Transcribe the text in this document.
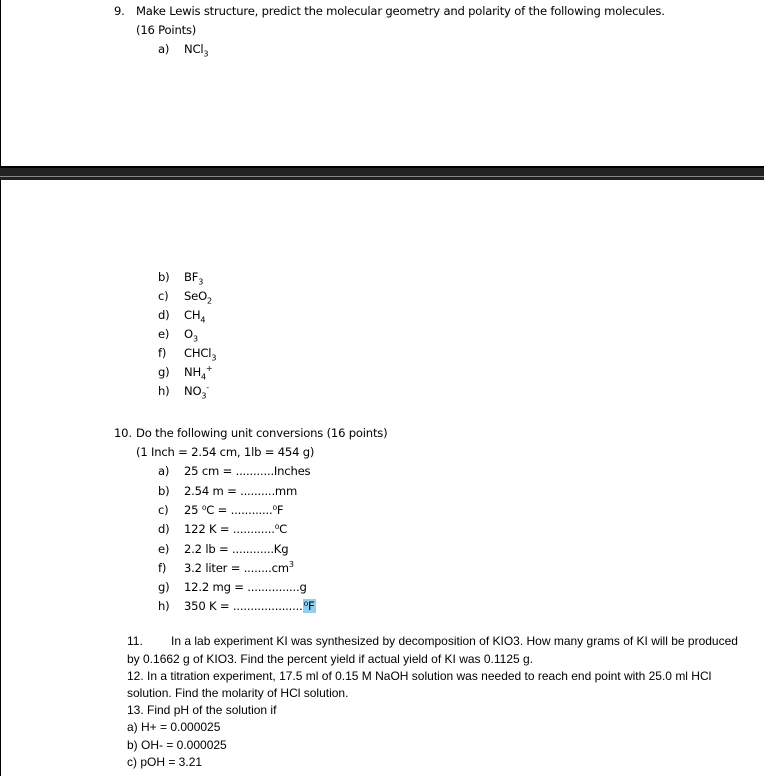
9. Make Lewis structure, predict the molecular geometry and polarity of the following molecules.
(16 Points)
a) NCl$_3$
b) $BF_3$
c) SeO$_2$
d) $CH_4$
e) $O_3$
f) CHCl$_3$
g) $NH_4^+$
h) $NO_3^-$
10. Do the following unit conversions (16 points)
(1 Inch = 2.54 cm, 1lb = 454 g)
a) 25 cm = ...........Inches
b) 2.54 m = ..........mm
c) 25 ⁰C = ............⁰F
d) 122 K = ............⁰C
e) 2.2 lb = ............Kg
f) 3.2 liter = $........cm^3$
g) 12.2 mg = ...............g
h) 350 K = ....................⁰F
11. In a lab experiment KI was synthesized by decomposition of KIO3. How many grams of KI will be produced
by 0.1662 g of KIO3. Find the percent yield if actual yield of KI was 0.1125 g.
12. In a titration experiment, 17.5 ml of 0.15 M NaOH solution was needed to reach end point with 25.0 ml HCl
solution. Find the molarity of HCl solution.
13. Find pH of the solution if
a) H+ = 0.000025
b) OH- = 0.000025
c) pOH = 3.21
